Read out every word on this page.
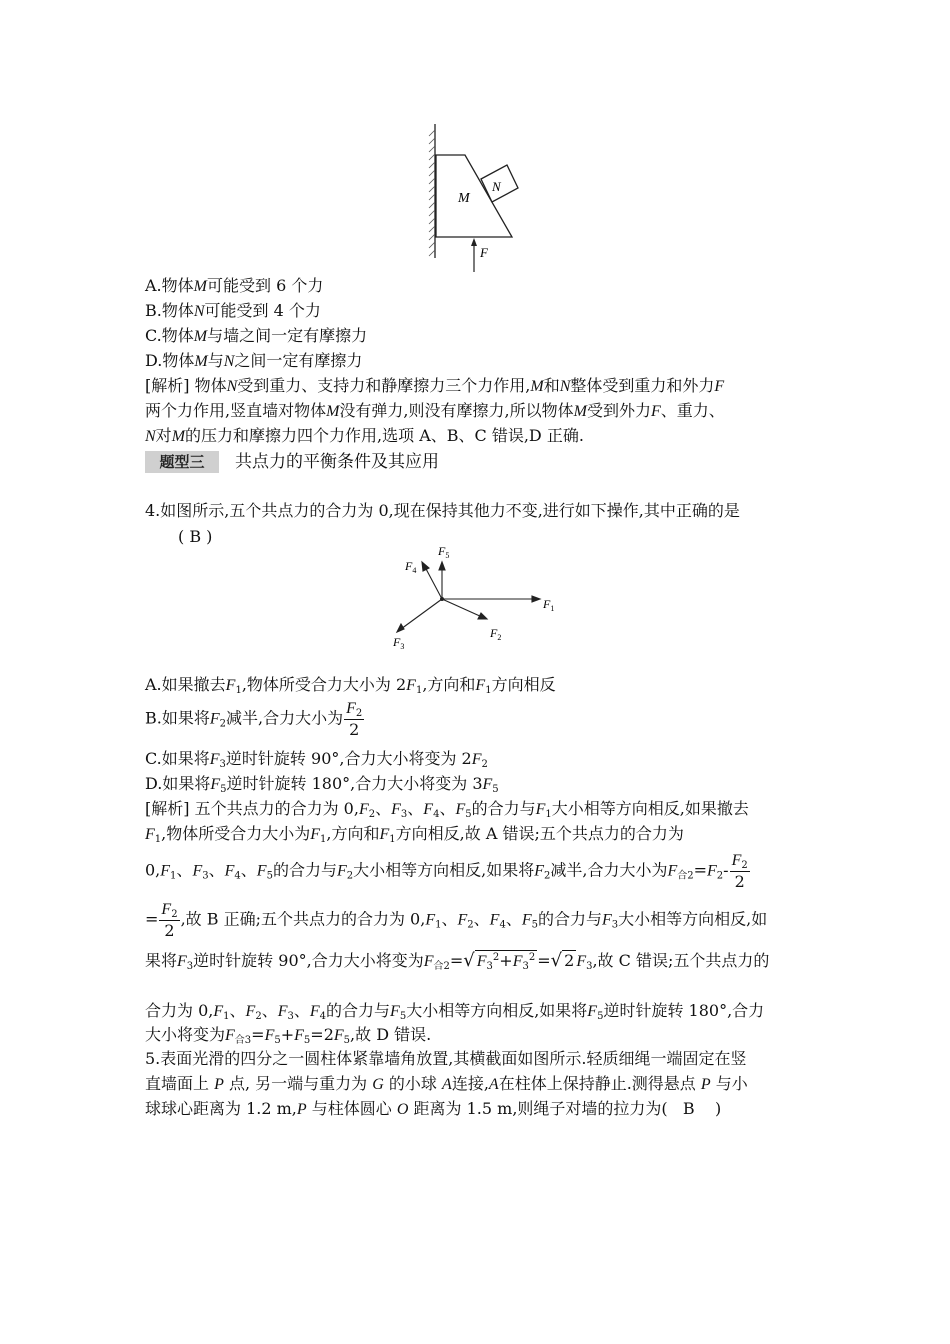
M
N
F
A.物体M可能受到 6 个力
B.物体N可能受到 4 个力
C.物体M与墙之间一定有摩擦力
D.物体M与N之间一定有摩擦力
[解析] 物体N受到重力、支持力和静摩擦力三个力作用,M和N整体受到重力和外力F
两个力作用,竖直墙对物体M没有弹力,则没有摩擦力,所以物体M受到外力F、重力、
N对M的压力和摩擦力四个力作用,选项 A、B、C 错误,D 正确.
题型三	共点力的平衡条件及其应用
4.如图所示,五个共点力的合力为 0,现在保持其他力不变,进行如下操作,其中正确的是
( B )
$F_1$
$F_2$
$F_3$
$F_4$
$F_5$
A.如果撤去$F_1$,物体所受合力大小为 $2F_1$,方向和$F_1$方向相反
B.如果将$F_2$减半,合力大小为 $\frac{F_2}{2}$
C.如果将$F_3$逆时针旋转 90°,合力大小将变为 $2F_2$
D.如果将$F_5$逆时针旋转 180°,合力大小将变为 $3F_5$
[解析] 五个共点力的合力为 $0,F_2$、$F_3$、$F_4$、$F_5$的合力与$F_1$大小相等方向相反,如果撤去
$F_1$,物体所受合力大小为$F_1$,方向和$F_1$方向相反,故 A 错误;五个共点力的合力为
$0,F_1$、$F_3$、$F_4$、$F_5$的合力与$F_2$大小相等方向相反,如果将$F_2$减半,合力大小为$F_{合2}=F_2- \frac{F_2}{2}$
= $\frac{F_2}{2}$ ,故 B 正确;五个共点力的合力为 $0,F_1$、$F_2$、$F_4$、$F_5$的合力与$F_3$大小相等方向相反,如
果将$F_3$逆时针旋转 90°,合力大小将变为$F_{合2}=√$ $F_3^2+F_3^2$ =√ 2 $F_3$,故 C 错误;五个共点力的
合力为 $0,F_1$、$F_2$、$F_3$、$F_4$的合力与$F_5$大小相等方向相反,如果将$F_5$逆时针旋转 180°,合力
大小将变为$F_{合3}=F_5+F_5=2F_5$,故 D 错误.
5.表面光滑的四分之一圆柱体紧靠墙角放置,其横截面如图所示.轻质细绳一端固定在竖
直墙面上 P 点, 另一端与重力为 G 的小球 A连接,A在柱体上保持静止.测得悬点 P 与小
球球心距离为 1.2 m,P 与柱体圆心 O 距离为 1.5 m,则绳子对墙的拉力为( B )
